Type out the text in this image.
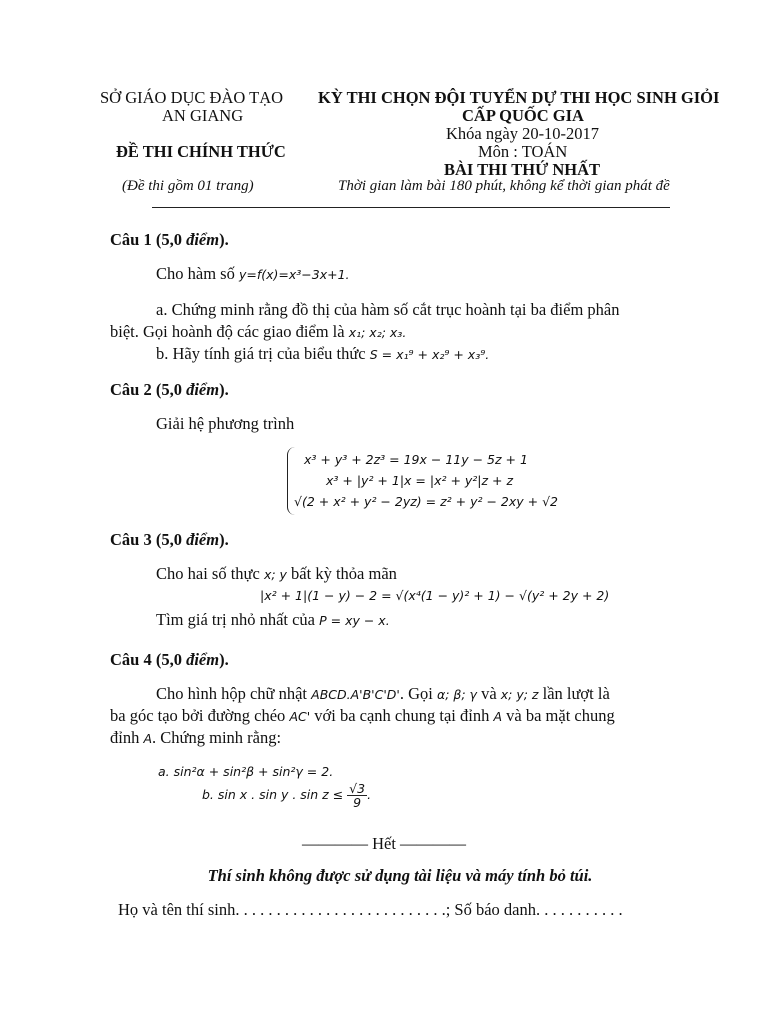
SỞ GIÁO DỤC ĐÀO TẠO
AN GIANG
ĐỀ THI CHÍNH THỨC
(Đề thi gồm 01 trang)
KỲ THI CHỌN ĐỘI TUYỂN DỰ THI HỌC SINH GIỎI
CẤP QUỐC GIA
Khóa ngày 20-10-2017
Môn : TOÁN
BÀI THI THỨ NHẤT
Thời gian làm bài 180 phút, không kể thời gian phát đề
Câu 1 (5,0 điểm).
Cho hàm số y=f(x)=x³−3x+1.
a. Chứng minh rằng đồ thị của hàm số cắt trục hoành tại ba điểm phân
biệt. Gọi hoành độ các giao điểm là x₁; x₂; x₃.
b. Hãy tính giá trị của biểu thức S = x₁⁹ + x₂⁹ + x₃⁹.
Câu 2 (5,0 điểm).
Giải hệ phương trình
x³ + y³ + 2z³ = 19x − 11y − 5z + 1
x³ + |y² + 1|x = |x² + y²|z + z
√(2 + x² + y² − 2yz) = z² + y² − 2xy + √2
Câu 3 (5,0 điểm).
Cho hai số thực x; y bất kỳ thỏa mãn
|x² + 1|(1 − y) − 2 = √(x⁴(1 − y)² + 1) − √(y² + 2y + 2)
Tìm giá trị nhỏ nhất của P = xy − x.
Câu 4 (5,0 điểm).
Cho hình hộp chữ nhật ABCD.A'B'C'D'. Gọi α; β; γ và x; y; z lần lượt là
ba góc tạo bởi đường chéo AC' với ba cạnh chung tại đỉnh A và ba mặt chung
đỉnh A. Chứng minh rằng:
a. sin²α + sin²β + sin²γ = 2.
b. sin x . sin y . $\sin z \le \frac{√3}{9}$ .
———— Hết ————
Thí sinh không được sử dụng tài liệu và máy tính bỏ túi.
Họ và tên thí sinh. . . . . . . . . . . . . . . . . . . . . . . . . .; Số báo danh. . . . . . . . . . .
